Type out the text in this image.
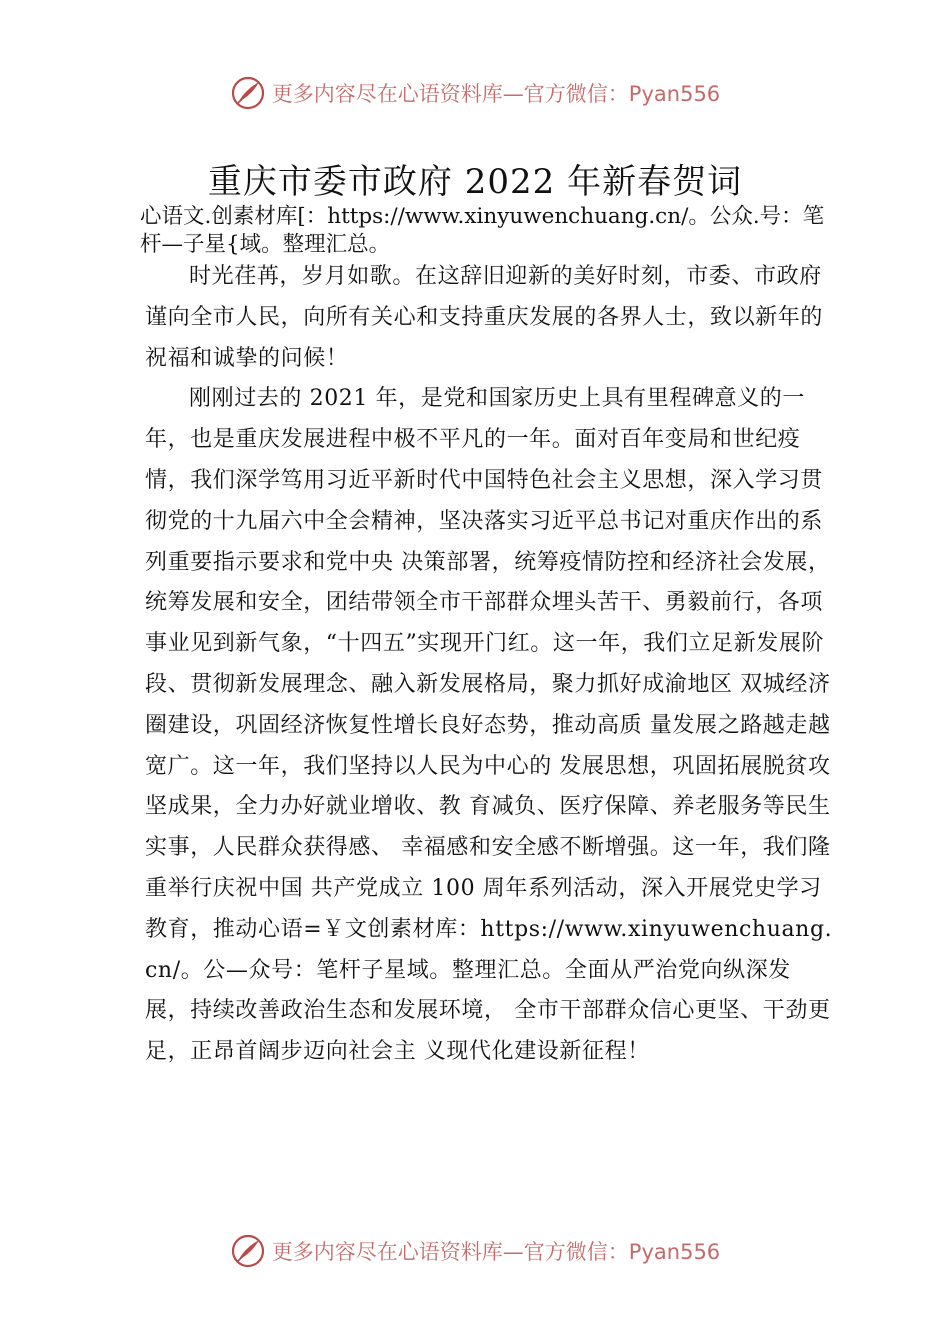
更多内容尽在心语资料库—官方微信：Pyan556
重庆市委市政府 2022 年新春贺词

心语文.创素材库[：https://www.xinyuwenchuang.cn/。公众.号：笔杆—子星{域。整理汇总。

时光荏苒，岁月如歌。在这辞旧迎新的美好时刻，市委、市政府谨向全市人民，向所有关心和支持重庆发展的各界人士，致以新年的祝福和诚挚的问候！

刚刚过去的 2021 年，是党和国家历史上具有里程碑意义的一年，也是重庆发展进程中极不平凡的一年。面对百年变局和世纪疫情，我们深学笃用习近平新时代中国特色社会主义思想，深入学习贯彻党的十九届六中全会精神，坚决落实习近平总书记对重庆作出的系列重要指示要求和党中央 决策部署，统筹疫情防控和经济社会发展，统筹发展和安全，团结带领全市干部群众埋头苦干、勇毅前行，各项事业见到新气象，“十四五”实现开门红。这一年，我们立足新发展阶 段、贯彻新发展理念、融入新发展格局，聚力抓好成渝地区 双城经济圈建设，巩固经济恢复性增长良好态势，推动高质 量发展之路越走越宽广。这一年，我们坚持以人民为中心的 发展思想，巩固拓展脱贫攻坚成果，全力办好就业增收、教 育减负、医疗保障、养老服务等民生实事，人民群众获得感、 幸福感和安全感不断增强。这一年，我们隆重举行庆祝中国 共产党成立 100 周年系列活动，深入开展党史学习教育，推动心语=￥文创素材库：https://www.xinyuwenchuang.cn/。公—众号：笔杆子星域。整理汇总。全面从严治党向纵深发展，持续改善政治生态和发展环境， 全市干部群众信心更坚、干劲更足，正昂首阔步迈向社会主 义现代化建设新征程！

更多内容尽在心语资料库—官方微信：Pyan556
